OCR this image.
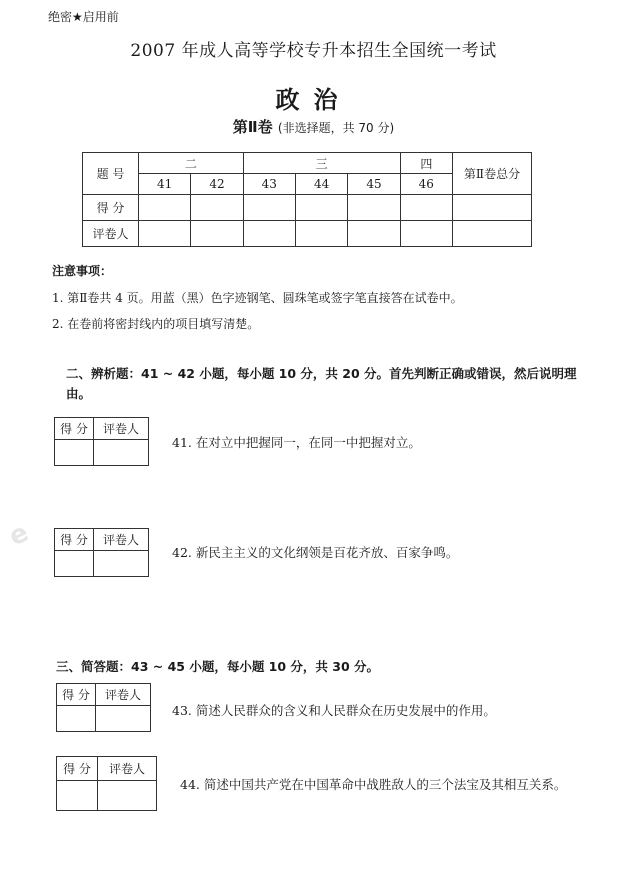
绝密★启用前
2007 年成人高等学校专升本招生全国统一考试
政治
第Ⅱ卷 (非选择题，共 70 分)
题 号	二		三			四	第Ⅱ卷总分
	41	42	43	44	45	46	
得 分							
评卷人							
注意事项：
1. 第Ⅱ卷共 4 页。用蓝（黑）色字迹钢笔、圆珠笔或签字笔直接答在试卷中。
2. 在卷前将密封线内的项目填写清楚。
二、辨析题：41 ~ 42 小题，每小题 10 分，共 20 分。首先判断正确或错误，然后说明理由。
得 分	评卷人

41. 在对立中把握同一，在同一中把握对立。
e 得 分	评卷人

42. 新民主主义的文化纲领是百花齐放、百家争鸣。
三、简答题：43 ~ 45 小题，每小题 10 分，共 30 分。
得 分	评卷人

43. 简述人民群众的含义和人民群众在历史发展中的作用。
得 分	评卷人

44. 简述中国共产党在中国革命中战胜敌人的三个法宝及其相互关系。
